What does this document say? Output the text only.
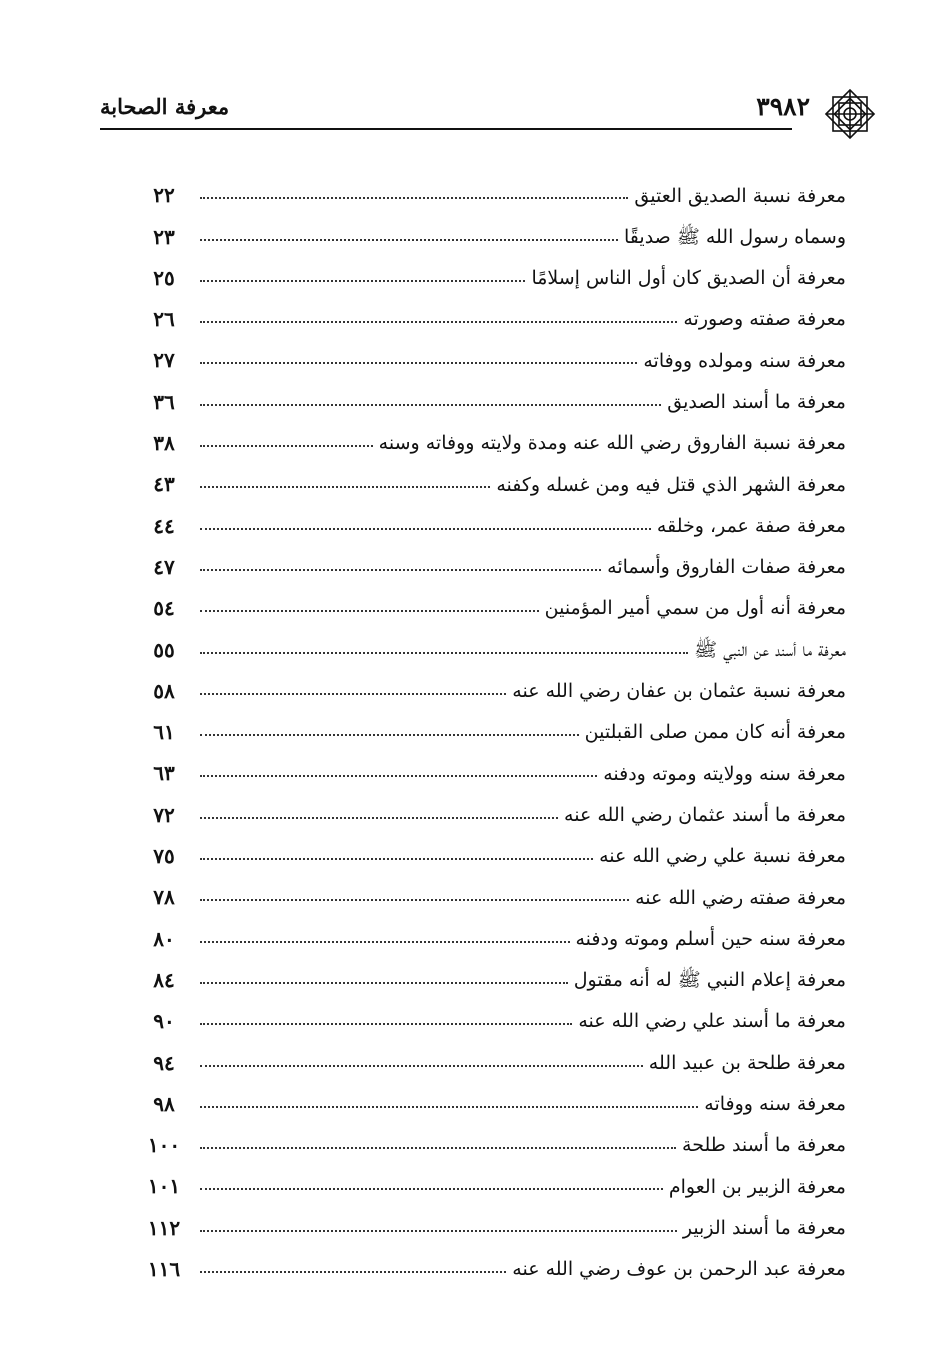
٣٩٨٢
معرفة الصحابة
معرفة نسبة الصديق العتيق
٢٢
وسماه رسول الله ﷺ صديقًا
٢٣
معرفة أن الصديق كان أول الناس إسلامًا
٢٥
معرفة صفته وصورته
٢٦
معرفة سنه ومولده ووفاته
٢٧
معرفة ما أسند الصديق
٣٦
معرفة نسبة الفاروق رضي الله عنه ومدة ولايته ووفاته وسنه
٣٨
معرفة الشهر الذي قتل فيه ومن غسله وكفنه
٤٣
معرفة صفة عمر، وخلقه
٤٤
معرفة صفات الفاروق وأسمائه
٤٧
معرفة أنه أول من سمي أمير المؤمنين
٥٤
معرفة ما أسند عن النبي ﷺ
٥٥
معرفة نسبة عثمان بن عفان رضي الله عنه
٥٨
معرفة أنه كان ممن صلى القبلتين
٦١
معرفة سنه وولايته وموته ودفنه
٦٣
معرفة ما أسند عثمان رضي الله عنه
٧٢
معرفة نسبة علي رضي الله عنه
٧٥
معرفة صفته رضي الله عنه
٧٨
معرفة سنه حين أسلم وموته ودفنه
٨٠
معرفة إعلام النبي ﷺ له أنه مقتول
٨٤
معرفة ما أسند علي رضي الله عنه
٩٠
معرفة طلحة بن عبيد الله
٩٤
معرفة سنه ووفاته
٩٨
معرفة ما أسند طلحة
١٠٠
معرفة الزبير بن العوام
١٠١
معرفة ما أسند الزبير
١١٢
معرفة عبد الرحمن بن عوف رضي الله عنه
١١٦
